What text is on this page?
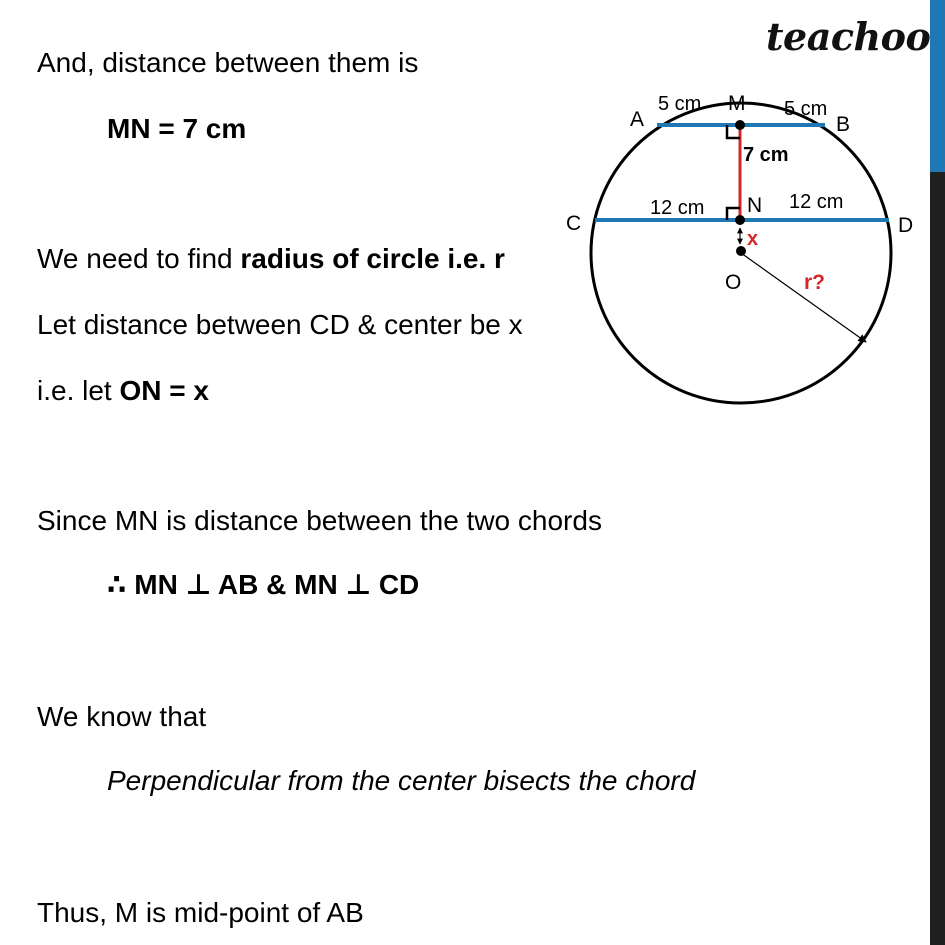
teachoo
And, distance between them is
MN = 7 cm
We need to find radius of circle i.e. r
Let distance between CD & center be x
i.e. let ON = x
Since MN is distance between the two chords
∴ MN ⊥ AB & MN ⊥ CD
We know that
Perpendicular from the center bisects the chord
Thus, M is mid-point of AB
A	B
C	D
M
N
O
5 cm	5 cm
12 cm	12 cm
7 cm
x
r?
